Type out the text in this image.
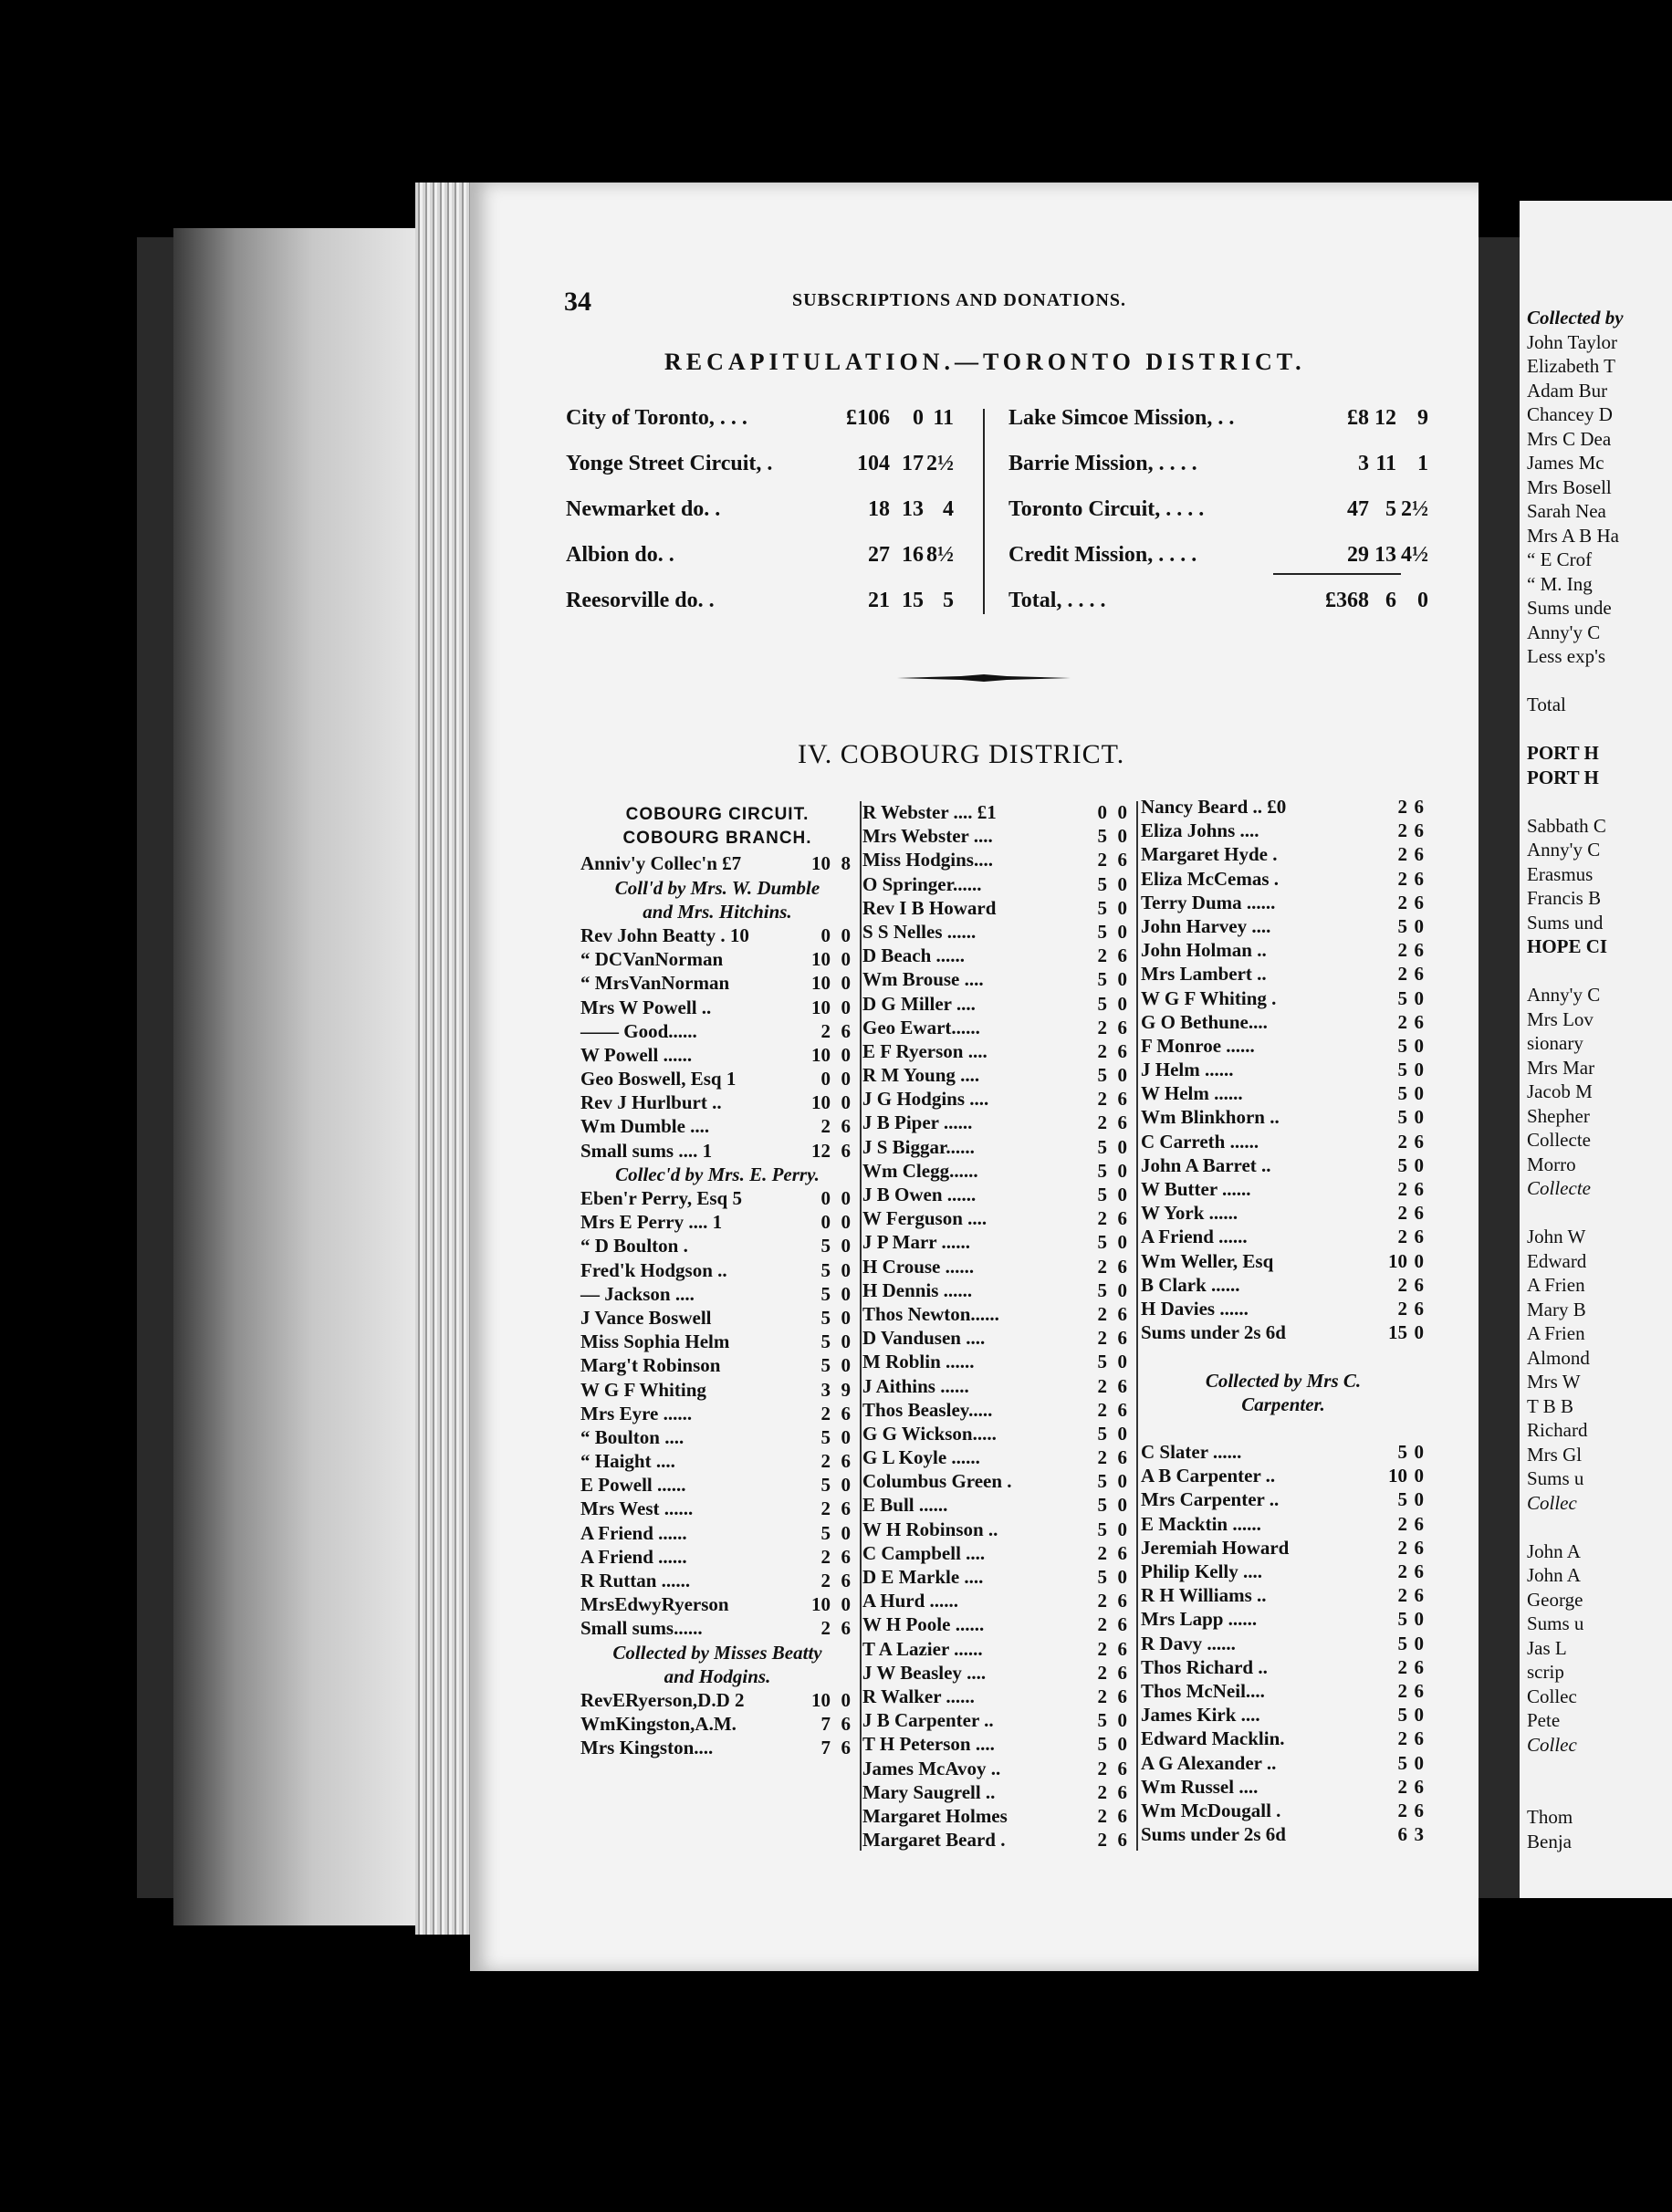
34	SUBSCRIPTIONS AND DONATIONS.
RECAPITULATION.—TORONTO DISTRICT.
City of Toronto, . . .	£106	0 11
Yonge Street Circuit, .	104 17 2½
Newmarket do. .	18 13 4
Albion do. .	27 16 8½
Reesorville do. .	21 15 5
Lake Simcoe Mission, . .	£8 12 9
Barrie Mission, . . . .	3 11 1
Toronto Circuit, . . . .	47 5 2½
Credit Mission, . . . .	29 13 4½
Total, . . . .	£368 6 0
IV. COBOURG DISTRICT.
COBOURG CIRCUIT.
COBOURG BRANCH.
Anniv'y Collec'n £7	10 8
Coll'd by Mrs. W. Dumble
and Mrs. Hitchins.
Rev John Beatty . 10	0 0
“ DCVanNorman	10 0
“ MrsVanNorman	10 0
Mrs W Powell ..	10 0
—— Good......	2 6
W Powell ......	10 0
Geo Boswell, Esq 1	0 0
Rev J Hurlburt ..	10 0
Wm Dumble ....	2 6
Small sums .... 1	12 6
Collec'd by Mrs. E. Perry.
Eben'r Perry, Esq 5	0 0
Mrs E Perry .... 1	0 0
“ D Boulton .	5 0
Fred'k Hodgson ..	5 0
— Jackson ....	5 0
J Vance Boswell	5 0
Miss Sophia Helm	5 0
Marg't Robinson	5 0
W G F Whiting	3 9
Mrs Eyre ......	2 6
“ Boulton ....	5 0
“ Haight ....	2 6
E Powell ......	5 0
Mrs West ......	2 6
A Friend ......	5 0
A Friend ......	2 6
R Ruttan ......	2 6
MrsEdwyRyerson	10 0
Small sums......	2 6
Collected by Misses Beatty
and Hodgins.
RevERyerson,D.D 2	10 0
WmKingston,A.M.	7 6
Mrs Kingston....	7 6
R Webster .... £1	0 0
Mrs Webster ....	5 0
Miss Hodgins....	2 6
O Springer......	5 0
Rev I B Howard	5 0
S S Nelles ......	5 0
D Beach ......	2 6
Wm Brouse ....	5 0
D G Miller ....	5 0
Geo Ewart......	2 6
E F Ryerson ....	2 6
R M Young ....	5 0
J G Hodgins ....	2 6
J B Piper ......	2 6
J S Biggar......	5 0
Wm Clegg......	5 0
J B Owen ......	5 0
W Ferguson ....	2 6
J P Marr ......	5 0
H Crouse ......	2 6
H Dennis ......	5 0
Thos Newton......	2 6
D Vandusen ....	2 6
M Roblin ......	5 0
J Aithins ......	2 6
Thos Beasley.....	2 6
G G Wickson.....	5 0
G L Koyle ......	2 6
Columbus Green .	5 0
E Bull ......	5 0
W H Robinson ..	5 0
C Campbell ....	2 6
D E Markle ....	5 0
A Hurd ......	2 6
W H Poole ......	2 6
T A Lazier ......	2 6
J W Beasley ....	2 6
R Walker ......	2 6
J B Carpenter ..	5 0
T H Peterson ....	5 0
James McAvoy ..	2 6
Mary Saugrell ..	2 6
Margaret Holmes	2 6
Margaret Beard .	2 6
Nancy Beard .. £0	2 6
Eliza Johns ....	2 6
Margaret Hyde .	2 6
Eliza McCemas .	2 6
Terry Duma ......	2 6
John Harvey ....	5 0
John Holman ..	2 6
Mrs Lambert ..	2 6
W G F Whiting .	5 0
G O Bethune....	2 6
F Monroe ......	5 0
J Helm ......	5 0
W Helm ......	5 0
Wm Blinkhorn ..	5 0
C Carreth ......	2 6
John A Barret ..	5 0
W Butter ......	2 6
W York ......	2 6
A Friend ......	2 6
Wm Weller, Esq	10 0
B Clark ......	2 6
H Davies ......	2 6
Sums under 2s 6d	15 0
Collected by Mrs C.
Carpenter.
C Slater ......	5 0
A B Carpenter ..	10 0
Mrs Carpenter ..	5 0
E Macktin ......	2 6
Jeremiah Howard	2 6
Philip Kelly ....	2 6
R H Williams ..	2 6
Mrs Lapp ......	5 0
R Davy ......	5 0
Thos Richard ..	2 6
Thos McNeil....	2 6
James Kirk ....	5 0
Edward Macklin.	2 6
A G Alexander ..	5 0
Wm Russel ....	2 6
Wm McDougall .	2 6
Sums under 2s 6d	6 3
Collected by
John Taylor
Elizabeth T
Adam Bur
Chancey D
Mrs C Dea
James Mc
Mrs Bosell
Sarah Nea
Mrs A B Ha
“ E Crof
“ M. Ing
Sums unde
Anny'y C
Less exp's
Total
PORT H
PORT H
Sabbath C
Anny'y C
Erasmus
Francis B
Sums und
HOPE CI
Anny'y C
Mrs Lov
sionary
Mrs Mar
Jacob M
Shepher
Collecte
Morro
Collecte
John W
Edward
A Frien
Mary B
A Frien
Almond
Mrs W
T B B
Richard
Mrs Gl
Sums u
Collec
John A
John A
George
Sums u
Jas L
scrip
Collec
Pete
Collec
Thom
Benja
